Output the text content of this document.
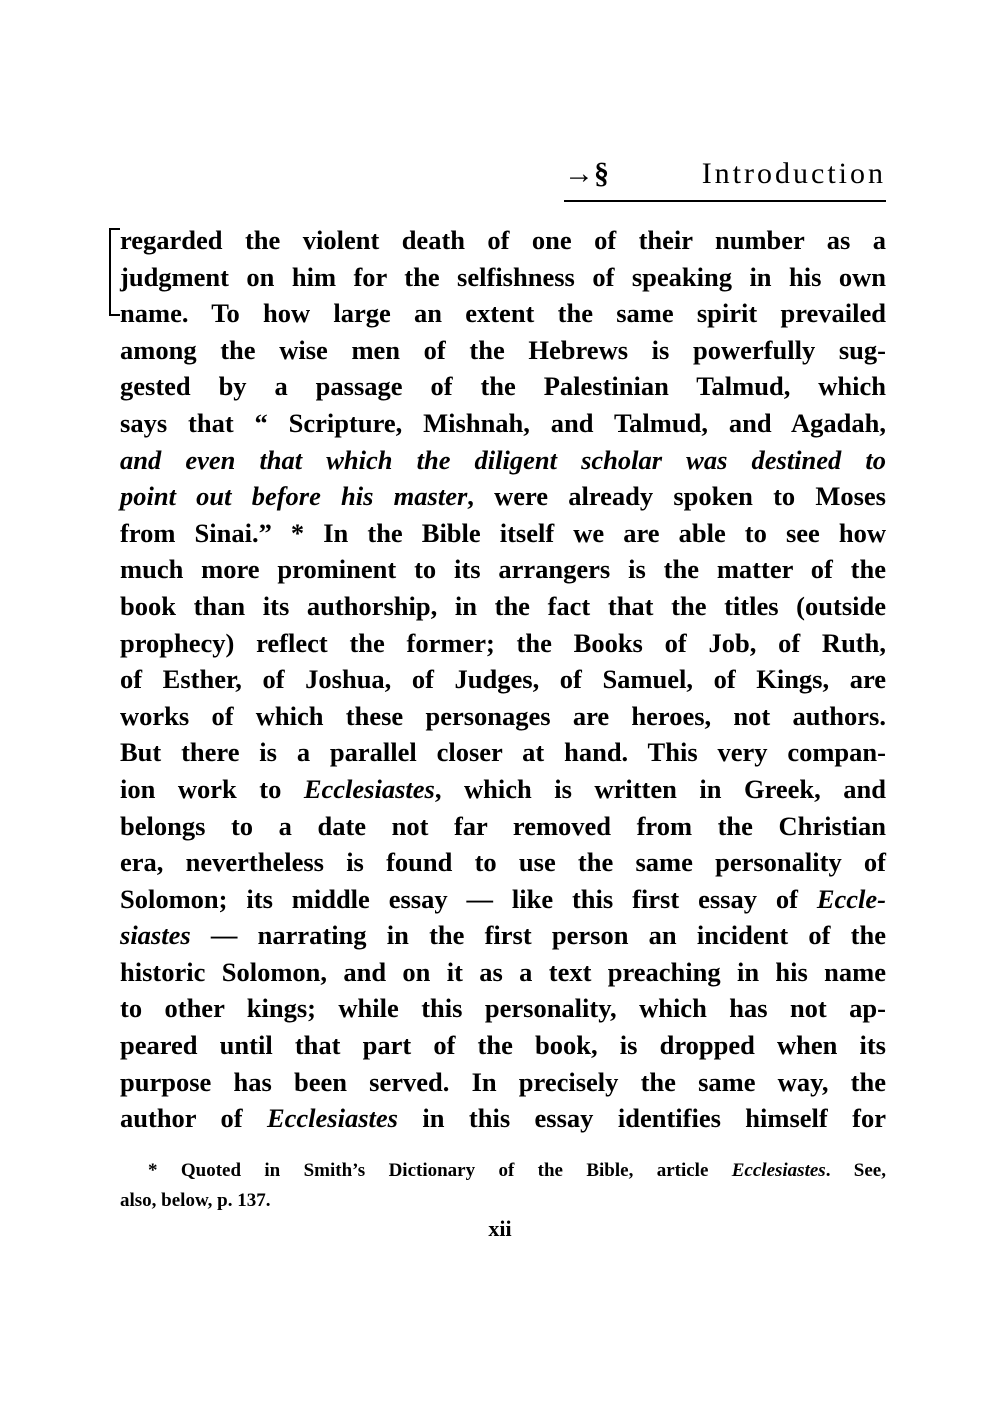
→§	Introduction
regarded the violent death of one of their number as a
judgment on him for the selfishness of speaking in his own
name. To how large an extent the same spirit prevailed
among the wise men of the Hebrews is powerfully sug-
gested by a passage of the Palestinian Talmud, which
says that “ Scripture, Mishnah, and Talmud, and Agadah,
and even that which the diligent scholar was destined to
point out before his master, were already spoken to Moses
from Sinai.” * In the Bible itself we are able to see how
much more prominent to its arrangers is the matter of the
book than its authorship, in the fact that the titles (outside
prophecy) reflect the former; the Books of Job, of Ruth,
of Esther, of Joshua, of Judges, of Samuel, of Kings, are
works of which these personages are heroes, not authors.
But there is a parallel closer at hand. This very compan-
ion work to Ecclesiastes, which is written in Greek, and
belongs to a date not far removed from the Christian
era, nevertheless is found to use the same personality of
Solomon; its middle essay — like this first essay of Eccle-
siastes — narrating in the first person an incident of the
historic Solomon, and on it as a text preaching in his name
to other kings; while this personality, which has not ap-
peared until that part of the book, is dropped when its
purpose has been served. In precisely the same way, the
author of Ecclesiastes in this essay identifies himself for
* Quoted in Smith’s Dictionary of the Bible, article Ecclesiastes. See,
also, below, p. 137.
xii
